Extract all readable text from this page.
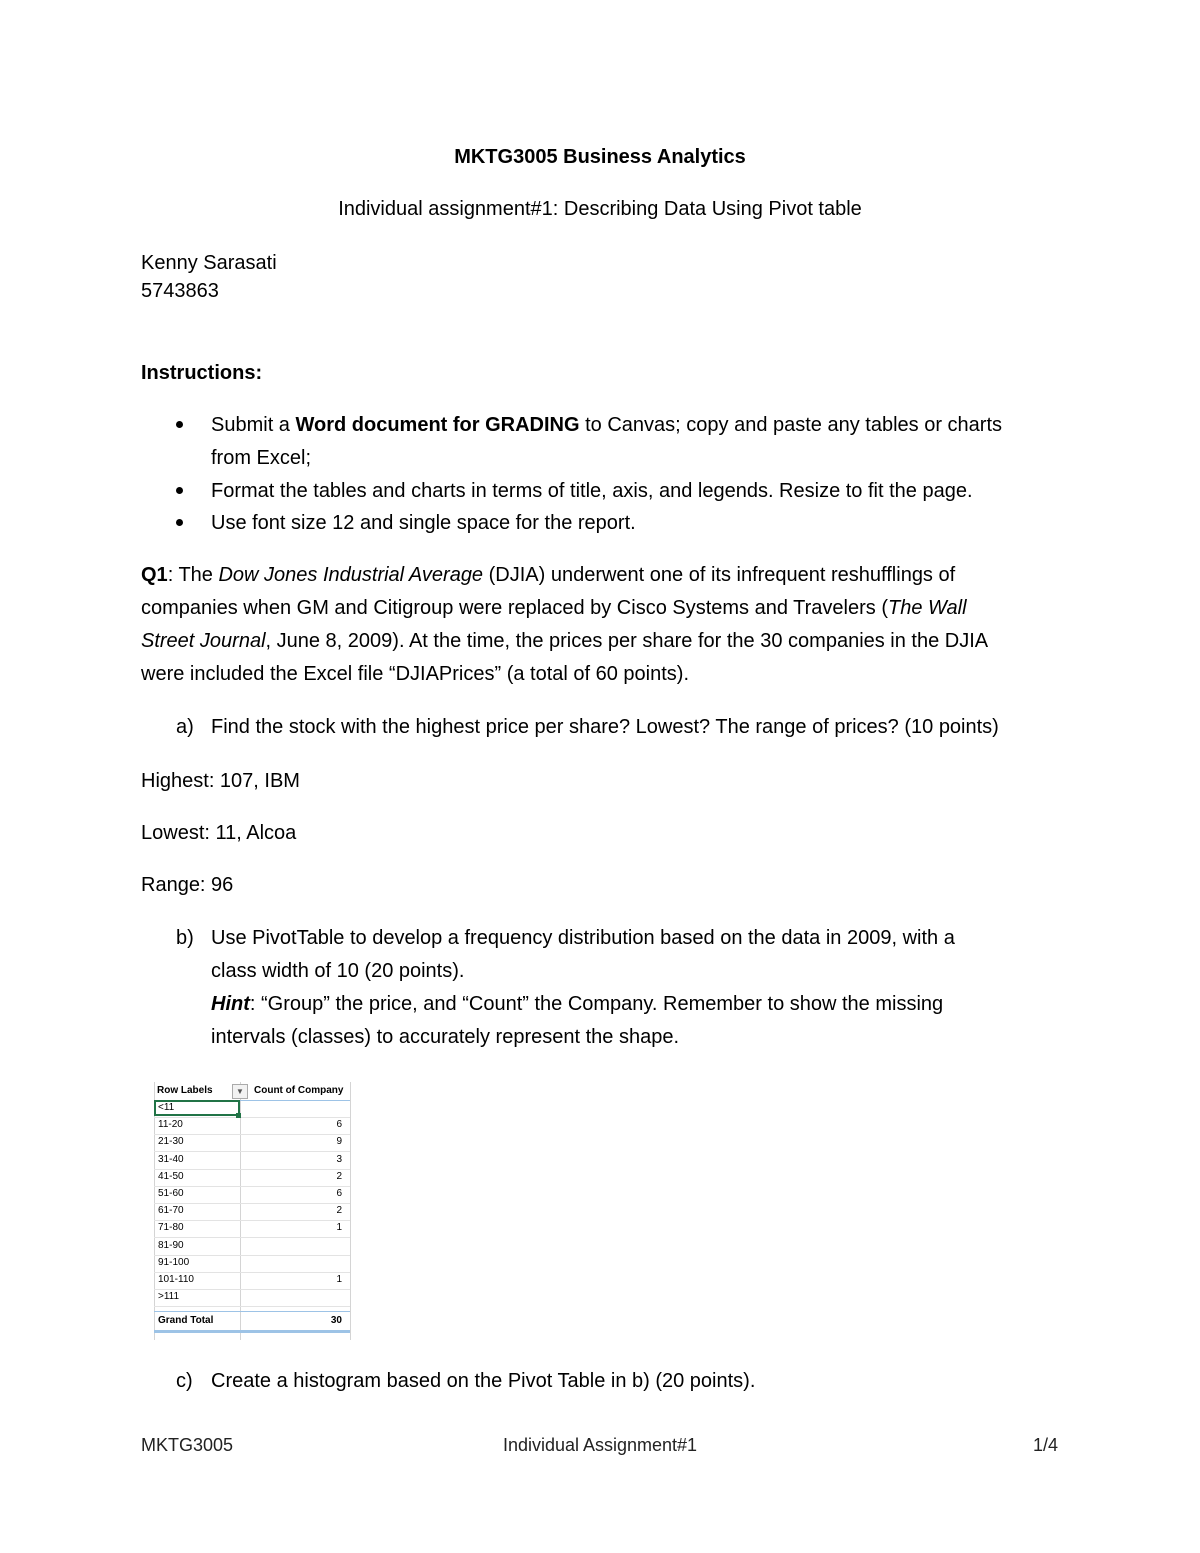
MKTG3005 Business Analytics
Individual assignment#1: Describing Data Using Pivot table
Kenny Sarasati
5743863
Instructions:
Submit a Word document for GRADING to Canvas; copy and paste any tables or charts
from Excel;
Format the tables and charts in terms of title, axis, and legends. Resize to fit the page.
Use font size 12 and single space for the report.
Q1: The Dow Jones Industrial Average (DJIA) underwent one of its infrequent reshufflings of
companies when GM and Citigroup were replaced by Cisco Systems and Travelers (The Wall
Street Journal, June 8, 2009). At the time, the prices per share for the 30 companies in the DJIA
were included the Excel file “DJIAPrices” (a total of 60 points).
a) Find the stock with the highest price per share? Lowest? The range of prices? (10 points)
Highest: 107, IBM
Lowest: 11, Alcoa
Range: 96
b) Use PivotTable to develop a frequency distribution based on the data in 2009, with a
class width of 10 (20 points).
Hint: “Group” the price, and “Count” the Company. Remember to show the missing
intervals (classes) to accurately represent the shape.
Row Labels	▼	Count of Company
<11
11-20	6
21-30	9
31-40	3
41-50	2
51-60	6
61-70	2
71-80	1
81-90
91-100
101-110	1
>111
Grand Total	30
c) Create a histogram based on the Pivot Table in b) (20 points).
MKTG3005	Individual Assignment#1	1/4
